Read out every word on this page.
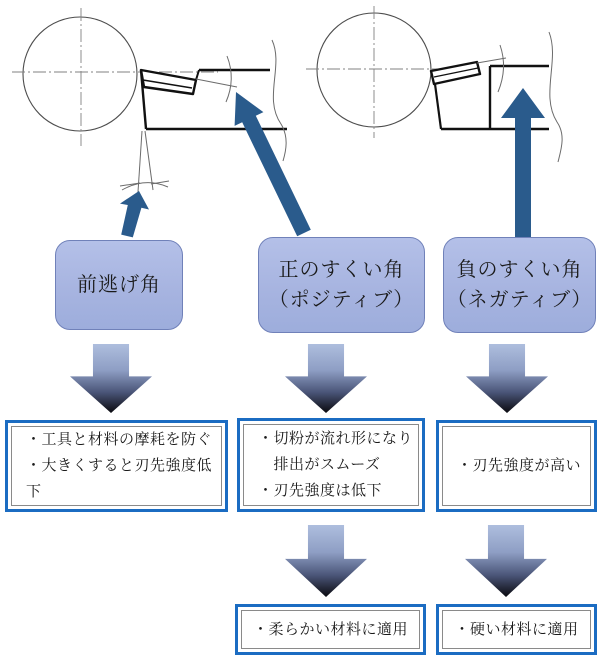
前逃げ角
正のすくい角
（ポジティブ）
負のすくい角
（ネガティブ）
・工具と材料の摩耗を防ぐ
・大きくすると刃先強度低下
・切粉が流れ形になり
　排出がスムーズ
・刃先強度は低下
・刃先強度が高い
・柔らかい材料に適用	・硬い材料に適用
